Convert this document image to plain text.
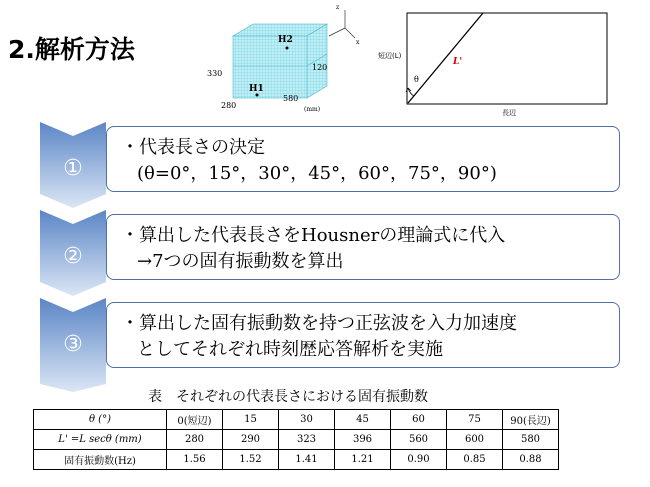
2.解析方法
z
x
H2
H1
330
120
280
580
(mm)
θ
L'
短辺(L)
長辺
①
②
③
・代表長さの決定
(θ=0°，15°，30°，45°，60°，75°，90°)
・算出した代表長さをHousnerの理論式に代入
→7つの固有振動数を算出
・算出した固有振動数を持つ正弦波を入力加速度
としてそれぞれ時刻歴応答解析を実施
表　それぞれの代表長さにおける固有振動数
θ (°)	0(短辺)	15	30	45	60	75	90(長辺)
L' =L secθ (mm)	280	290	323	396	560	600	580
固有振動数(Hz)	1.56	1.52	1.41	1.21	0.90	0.85	0.88
